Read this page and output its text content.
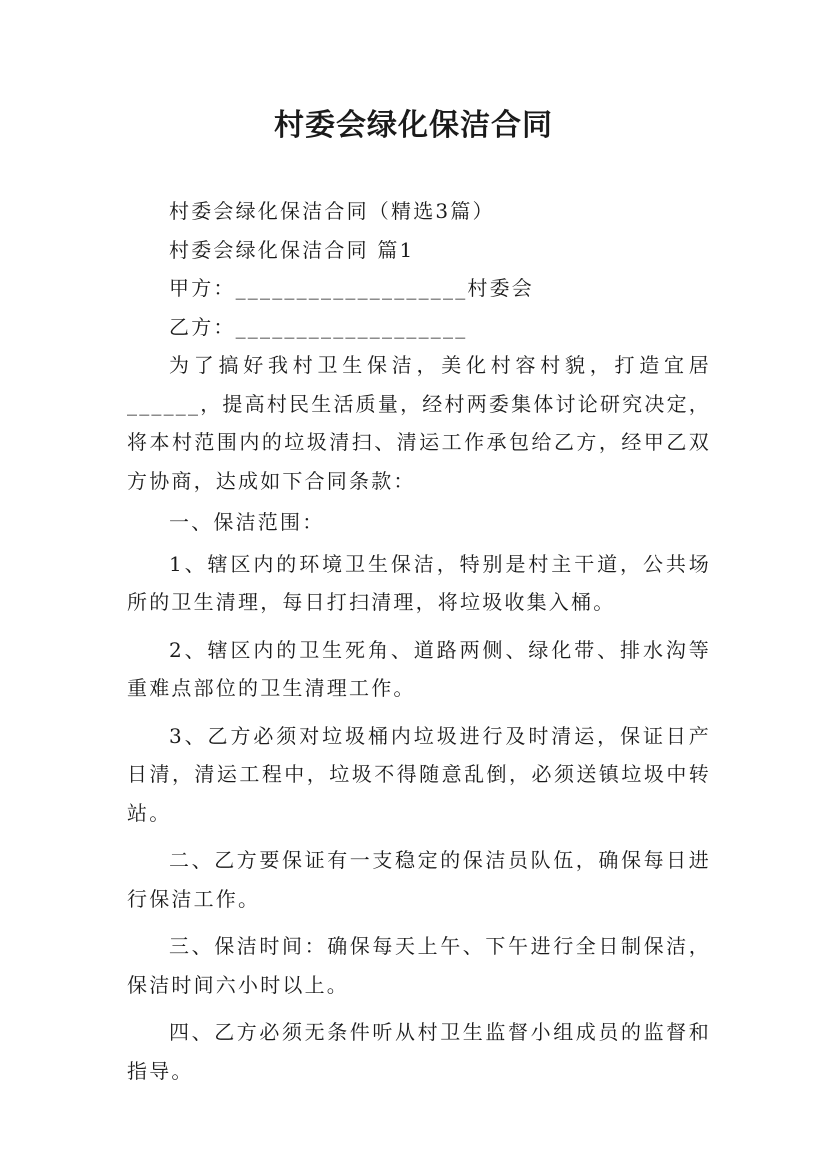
村委会绿化保洁合同

村委会绿化保洁合同（精选3篇）

村委会绿化保洁合同 篇1

甲方：___________________村委会

乙方：___________________

为了搞好我村卫生保洁，美化村容村貌，打造宜居______，提高村民生活质量，经村两委集体讨论研究决定，将本村范围内的垃圾清扫、清运工作承包给乙方，经甲乙双方协商，达成如下合同条款：

一、保洁范围：

1、辖区内的环境卫生保洁，特别是村主干道，公共场所的卫生清理，每日打扫清理，将垃圾收集入桶。

2、辖区内的卫生死角、道路两侧、绿化带、排水沟等重难点部位的卫生清理工作。

3、乙方必须对垃圾桶内垃圾进行及时清运，保证日产日清，清运工程中，垃圾不得随意乱倒，必须送镇垃圾中转站。

二、乙方要保证有一支稳定的保洁员队伍，确保每日进行保洁工作。

三、保洁时间：确保每天上午、下午进行全日制保洁，保洁时间六小时以上。

四、乙方必须无条件听从村卫生监督小组成员的监督和指导。
